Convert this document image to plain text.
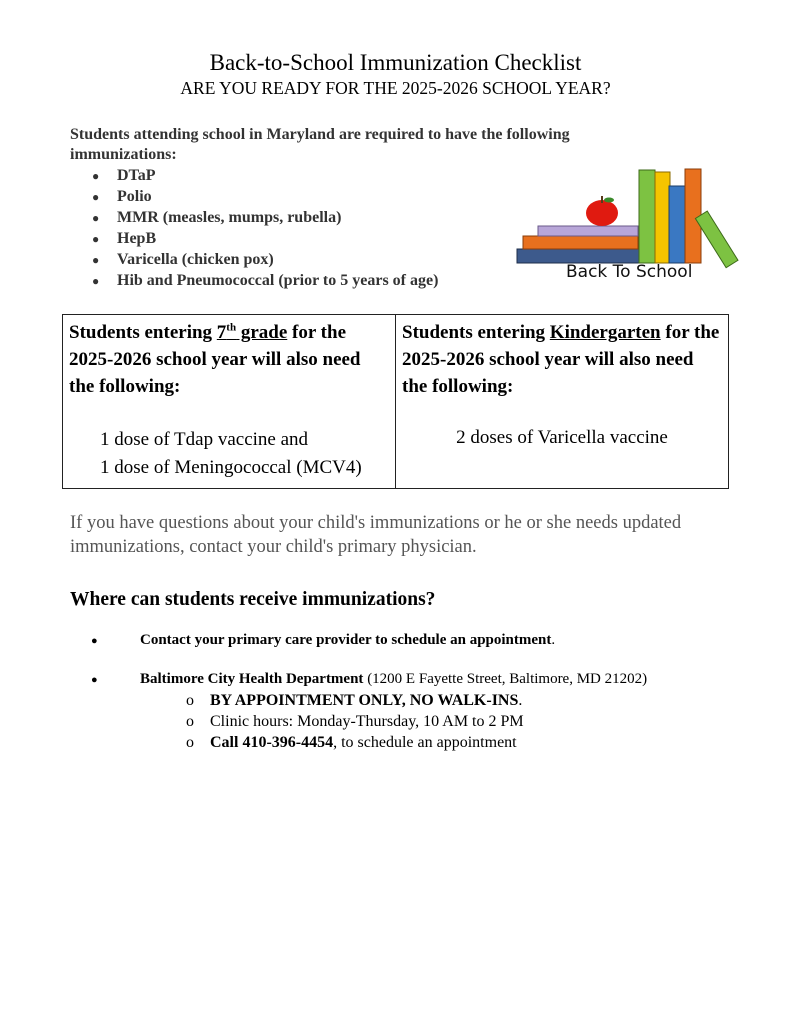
Back-to-School Immunization Checklist
ARE YOU READY FOR THE 2025-2026 SCHOOL YEAR?
Students attending school in Maryland are required to have the following immunizations:
● DTaP
● Polio
● MMR (measles, mumps, rubella)
● HepB
● Varicella (chicken pox)
● Hib and Pneumococcal (prior to 5 years of age)	Back To School
Students entering 7th grade for the 2025-2026 school year will also need the following:
1 dose of Tdap vaccine and
1 dose of Meningococcal (MCV4)

Students entering Kindergarten for the 2025-2026 school year will also need the following:
2 doses of Varicella vaccine
If you have questions about your child's immunizations or he or she needs updated immunizations, contact your child's primary physician.
Where can students receive immunizations?
●	Contact your primary care provider to schedule an appointment.
●	Baltimore City Health Department (1200 E Fayette Street, Baltimore, MD 21202)
o BY APPOINTMENT ONLY, NO WALK-INS.
o Clinic hours: Monday-Thursday, 10 AM to 2 PM
o Call 410-396-4454, to schedule an appointment
